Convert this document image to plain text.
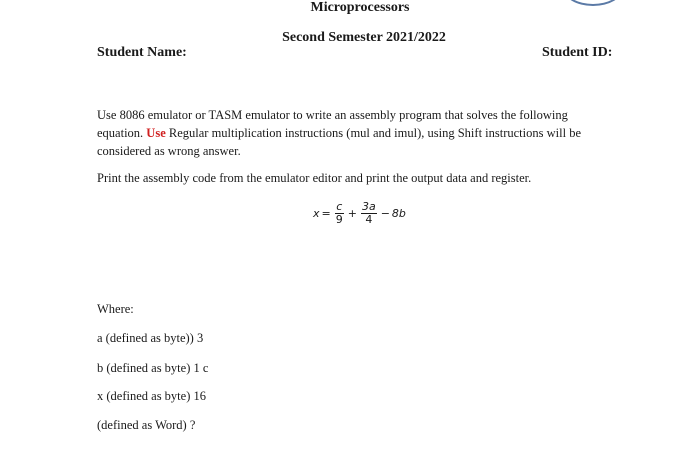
Microprocessors
Second Semester 2021/2022
Student Name:	Student ID:
Use 8086 emulator or TASM emulator to write an assembly program that solves the following equation. Use Regular multiplication instructions (mul and imul), using Shift instructions will be considered as wrong answer.
Print the assembly code from the emulator editor and print the output data and register.
$x = \frac{c}{9} + \frac{3a}{4} - 8b$
Where:
a (defined as byte)) 3
b (defined as byte) 1 c
x (defined as byte) 16
(defined as Word) ?
